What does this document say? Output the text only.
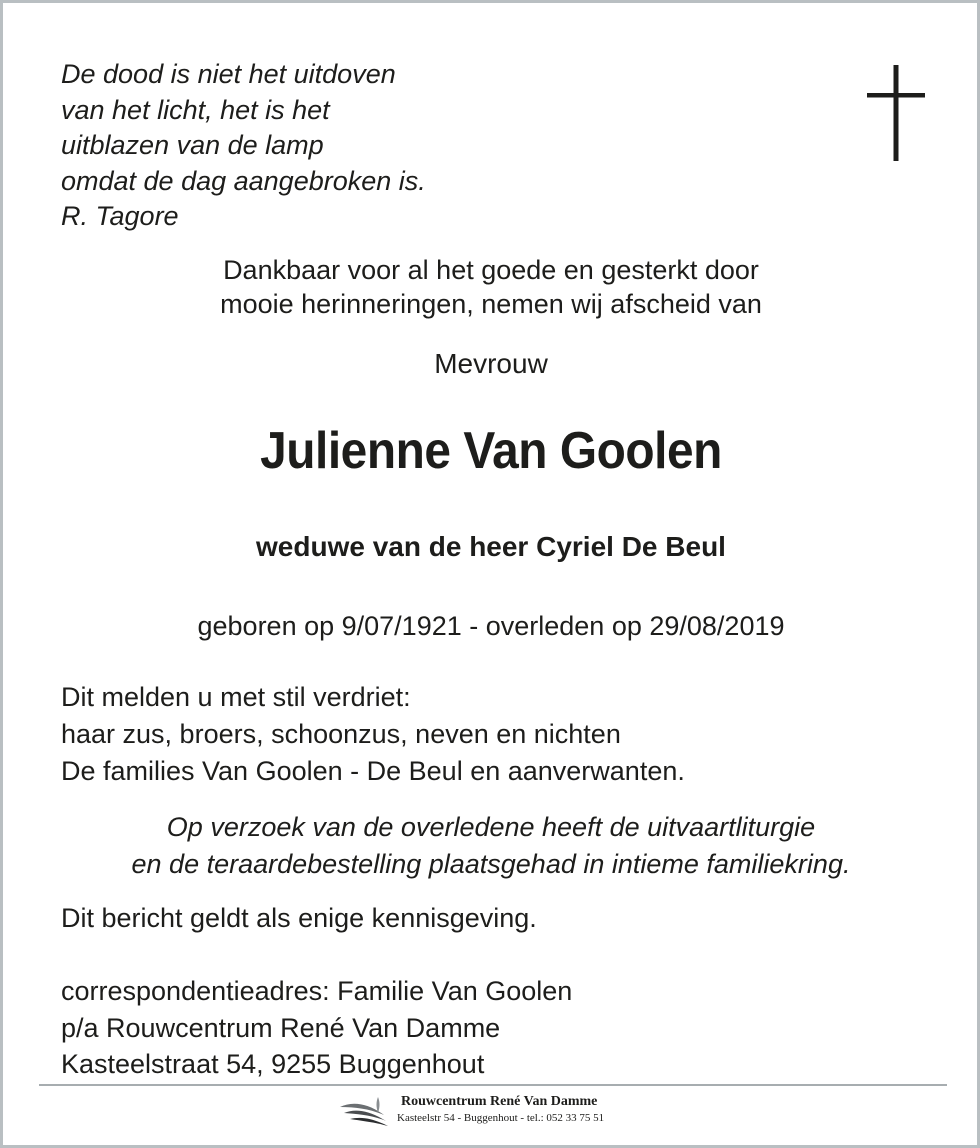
De dood is niet het uitdoven
van het licht, het is het
uitblazen van de lamp
omdat de dag aangebroken is.
R. Tagore
Dankbaar voor al het goede en gesterkt door
mooie herinneringen, nemen wij afscheid van
Mevrouw
Julienne Van Goolen
weduwe van de heer Cyriel De Beul
geboren op 9/07/1921 - overleden op 29/08/2019
Dit melden u met stil verdriet:
haar zus, broers, schoonzus, neven en nichten
De families Van Goolen - De Beul en aanverwanten.
Op verzoek van de overledene heeft de uitvaartliturgie
en de teraardebestelling plaatsgehad in intieme familiekring.
Dit bericht geldt als enige kennisgeving.
correspondentieadres: Familie Van Goolen
p/a Rouwcentrum René Van Damme
Kasteelstraat 54, 9255 Buggenhout
Rouwcentrum René Van Damme
Kasteelstr 54 - Buggenhout - tel.: 052 33 75 51
